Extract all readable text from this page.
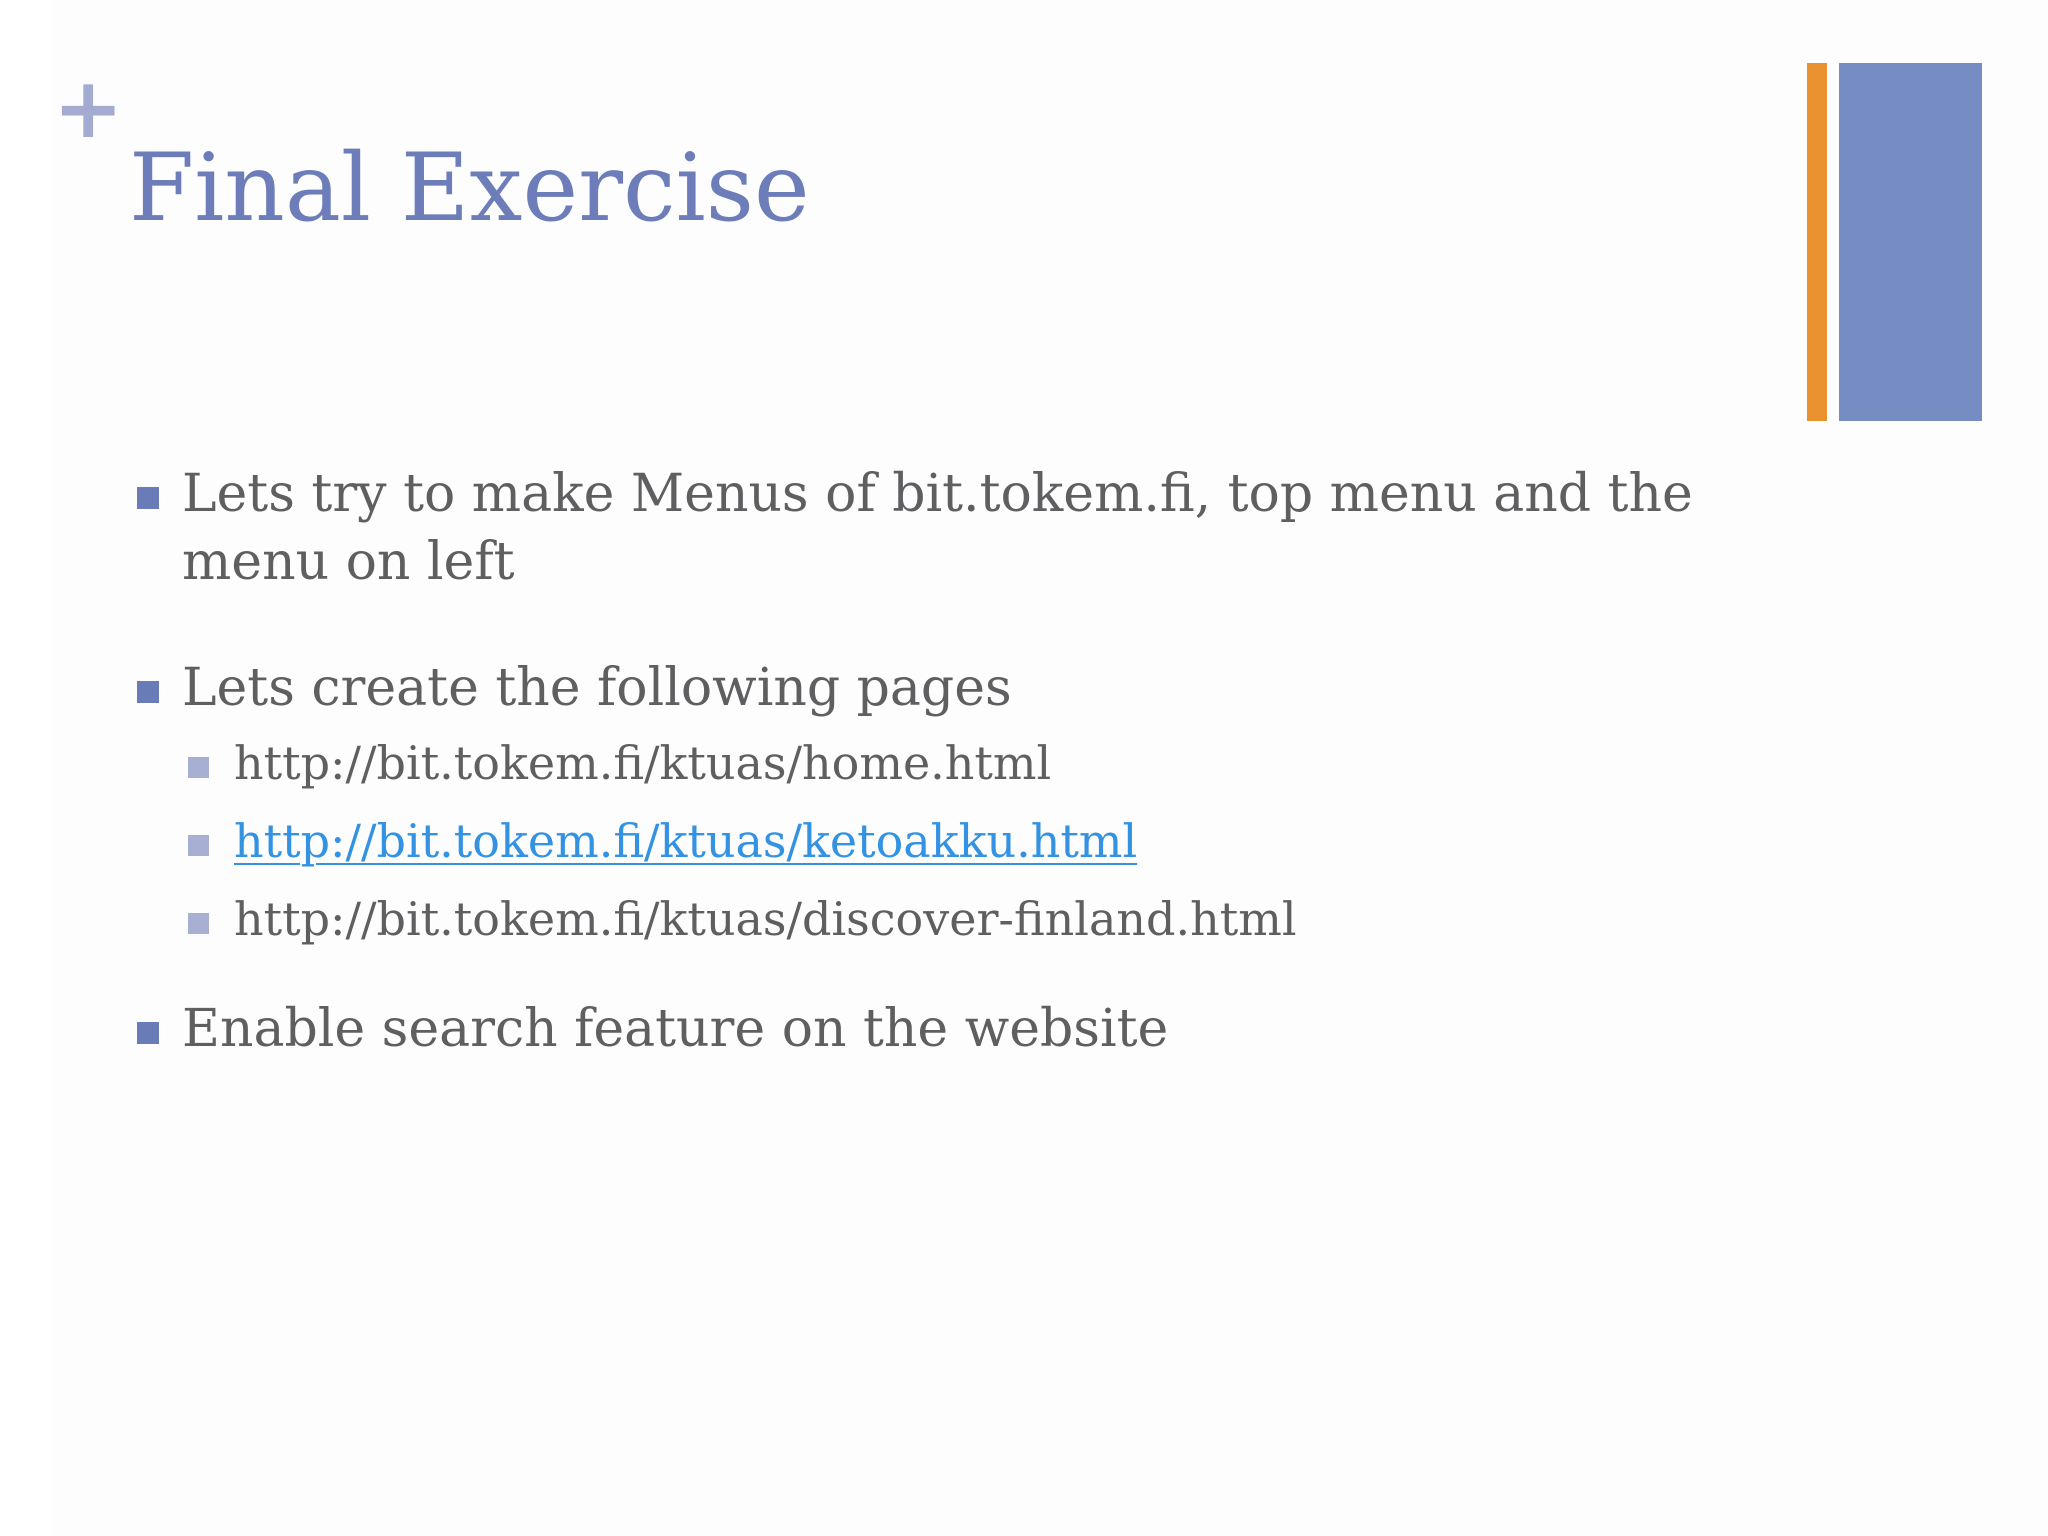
+
Final Exercise

Lets try to make Menus of bit.tokem.fi, top menu and the menu on left

Lets create the following pages

http://bit.tokem.fi/ktuas/home.html

http://bit.tokem.fi/ktuas/ketoakku.html

http://bit.tokem.fi/ktuas/discover-finland.html

Enable search feature on the website
